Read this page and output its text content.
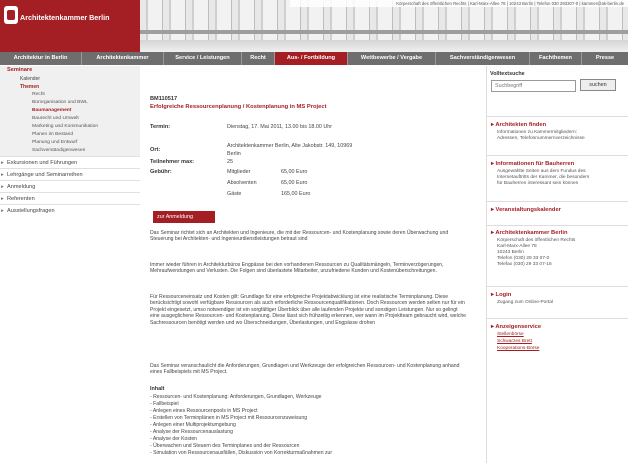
Körperschaft des öffentlichen Rechts | Karl-Marx-Allee 78 | 10243 Berlin | Telefon 030 293307-0 | kammer@ak-berlin.de
Architektenkammer Berlin
Architektur in Berlin	Architektenkammer	Service / Leistungen	Recht	Aus- / Fortbildung	Wettbewerbe / Vergabe	Sachverständigenwesen	Fachthemen	Presse
Seminare
Kalender
Themen
Recht
Bürorganisation und BWL
Baumanagement
Baurecht und Umwelt
Marketing und Kommunikation
Planen im Bestand
Planung und Entwurf
Sachverständigenwesen
▸ Exkursionen und Führungen
▸ Lehrgänge und Seminarreihen
▸ Anmeldung
▸ Referenten
▸ Ausstellungsfragen
BM110517
Erfolgreiche Ressourcenplanung / Kostenplanung in MS Project
Termin:	Dienstag, 17. Mai 2011, 13.00 bis 18.00 Uhr
Ort:
Architektenkammer Berlin, Alte Jakobstr. 149, 10969
Berlin
Teilnehmer max:	25
Gebühr:	Mitglieder	65,00 Euro
Absolventen	65,00 Euro
Gäste	165,00 Euro
zur Anmeldung
Das Seminar richtet sich an Architekten und Ingenieure, die mit der Ressourcen- und Kostenplanung sowie deren Überwachung und Steuerung bei Architekten- und Ingenieurdienstleistungen betraut sind
Immer wieder führen in Architekturbüros Engpässe bei den vorhandenen Ressourcen zu Qualitätsmängeln, Terminverzögerungen, Mehraufwendungen und Verlusten. Die Folgen sind überlastete Mitarbeiter, unzufriedene Kunden und Kostenüberschreitungen.
Für Ressourceneinsatz und Kosten gilt: Grundlage für eine erfolgreiche Projektabwicklung ist eine realistische Terminplanung. Diese berücksichtigt sowohl verfügbare Ressourcen als auch erforderliche Ressourcenqualifikationen. Doch Ressourcen werden selten nur für ein Projekt eingesetzt, umso notwendiger ist ein sorgfältiger Überblick über alle laufenden Projekte und sonstigen Leistungen. Nur so gelingt eine ausgeglichene Ressourcen- und Kostenplanung. Diese lässt sich frühzeitig erkennen, wer wann im Projektteam gebraucht wird, welche Sachressourcen benötigt werden und wo Überschneidungen, Überlastungen, und Engpässe drohen
Das Seminar veranschaulicht die Anforderungen, Grundlagen und Werkzeuge der erfolgreichen Ressourcen- und Kostenplanung anhand eines Fallbeispiels mit MS Project.
Inhalt
- Ressourcen- und Kostenplanung: Anforderungen, Grundlagen, Werkzeuge
- Fallbeispiel
- Anlegen eines Ressourcenpools in MS Project
- Erstellen von Terminplänen in MS Project mit Ressourcenzuweisung
- Anlegen einer Multiprojektumgebung
- Analyse der Ressourcenauslastung
- Analyse der Kosten
- Überwachen und Steuern des Terminplanes und der Ressourcen
- Simulation von Ressourcenausfällen, Diskussion von Korrekturmaßnahmen zur
Volltextsuche
Suchbegriff
suchen
▸ Architekten finden
Informationen zu Kammermitgliedern:
Adressen, Telefonnummernverzeichnisse
▸ Informationen für Bauherren
Ausgewählte Seiten aus dem Fundus des
Internetauftritts der Kammer, die besonders
für Bauherren interessant sein können
▸ Veranstaltungskalender
▸ Architektenkammer Berlin
Körperschaft des öffentlichen Rechts
Karl-Marx-Allee 78
10243 Berlin
Telefon (030) 29 33 07-0
Telefax (030) 29 33 07-16
▸ Login
Zugang zum Online-Portal
▸ Anzeigenservice
Stellenbörse
Schwarzes Brett
Kooperations-Börse
